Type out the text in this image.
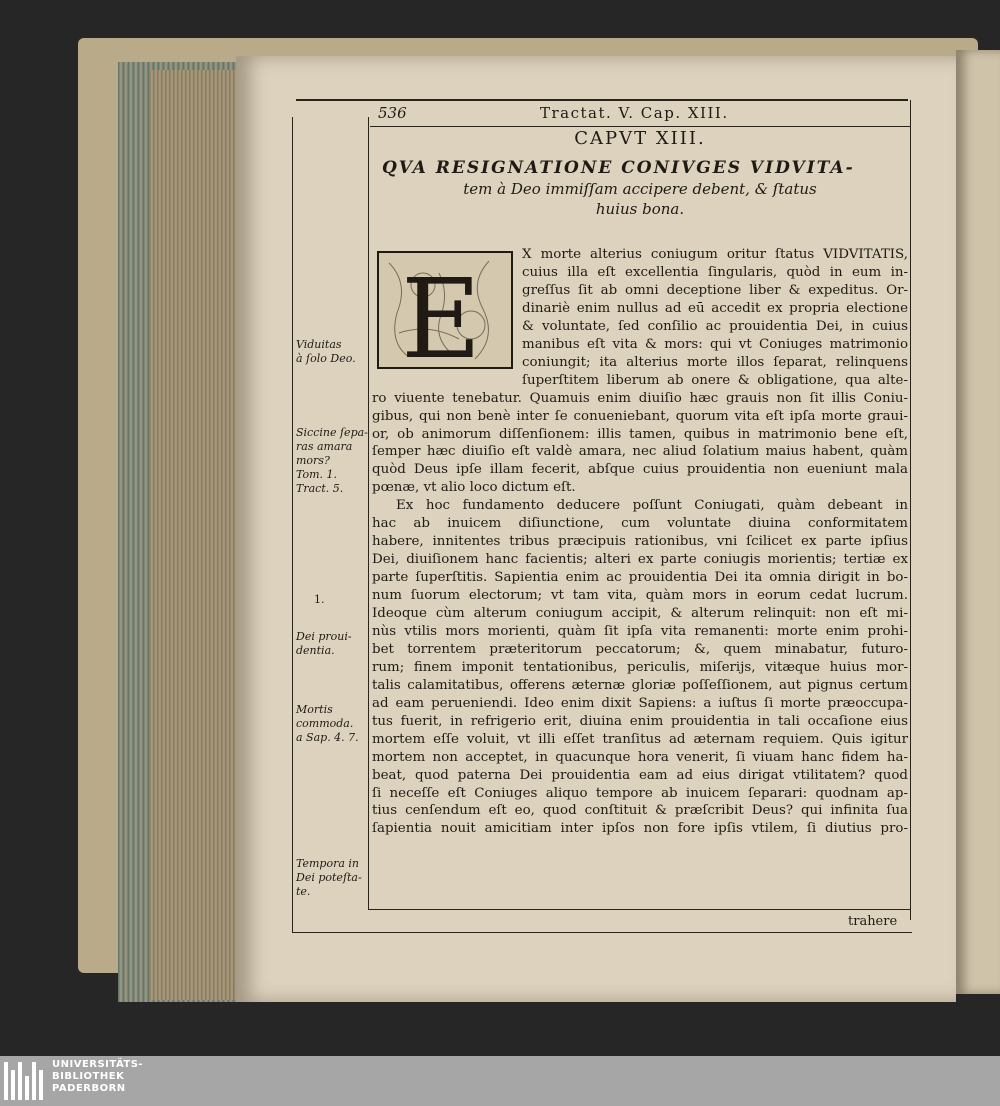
536	Tractat. V. Cap. XIII.
CAPVT XIII.
QVA RESIGNATIONE CONIVGES VIDVITA-
tem à Deo immiſſam accipere debent, & ſtatus
huius bona.
E
X morte alterius coniugum oritur ſtatus VIDVITATIS,
cuius illa eſt excellentia ſingularis, quòd in eum in-
greſſus ſit ab omni deceptione liber & expeditus. Or-
dinariè enim nullus ad eū accedit ex propria electione
& voluntate, ſed conſilio ac prouidentia Dei, in cuius
manibus eſt vita & mors: qui vt Coniuges matrimonio
coniungit; ita alterius morte illos ſeparat, relinquens
ſuperſtitem liberum ab onere & obligatione, qua alte-
ro viuente tenebatur. Quamuis enim diuiſio hæc grauis non ſit illis Coniu-
gibus, qui non benè inter ſe conueniebant, quorum vita eſt ipſa morte graui-
or, ob animorum diſſenſionem: illis tamen, quibus in matrimonio bene eſt,
ſemper hæc diuiſio eſt valdè amara, nec aliud ſolatium maius habent, quàm
quòd Deus ipſe illam fecerit, abſque cuius prouidentia non eueniunt mala
pœnæ, vt alio loco dictum eſt.
Ex hoc fundamento deducere poſſunt Coniugati, quàm debeant in
hac ab inuicem diſiunctione, cum voluntate diuina conformitatem
habere, innitentes tribus præcipuis rationibus, vni ſcilicet ex parte ipſius
Dei, diuiſionem hanc facientis; alteri ex parte coniugis morientis; tertiæ ex
parte ſuperſtitis. Sapientia enim ac prouidentia Dei ita omnia dirigit in bo-
num ſuorum electorum; vt tam vita, quàm mors in eorum cedat lucrum.
Ideoque cùm alterum coniugum accipit, & alterum relinquit: non eſt mi-
nùs vtilis mors morienti, quàm ſit ipſa vita remanenti: morte enim prohi-
bet torrentem præteritorum peccatorum; &, quem minabatur, futuro-
rum; finem imponit tentationibus, periculis, miſerijs, vitæque huius mor-
talis calamitatibus, offerens æternæ gloriæ poſſeſſionem, aut pignus certum
ad eam perueniendi. Ideo enim dixit Sapiens: a iuſtus ſi morte præoccupa-
tus fuerit, in refrigerio erit, diuina enim prouidentia in tali occaſione eius
mortem eſſe voluit, vt illi eſſet tranſitus ad æternam requiem. Quis igitur
mortem non acceptet, in quacunque hora venerit, ſi viuam hanc fidem ha-
beat, quod paterna Dei prouidentia eam ad eius dirigat vtilitatem? quod
ſi neceſſe eſt Coniuges aliquo tempore ab inuicem ſeparari: quodnam ap-
tius cenſendum eſt eo, quod conſtituit & præſcribit Deus? qui infinita ſua
ſapientia nouit amicitiam inter ipſos non fore ipſis vtilem, ſi diutius pro-
Viduitas
à ſolo Deo.
Siccine ſepa-
ras amara
mors?
Tom. 1.
Tract. 5.
1.
Dei proui-
dentia.
Mortis
commoda.
a Sap. 4. 7.
Tempora in
Dei poteſta-
te.
trahere
UNIVERSITÄTS-
BIBLIOTHEK
PADERBORN
